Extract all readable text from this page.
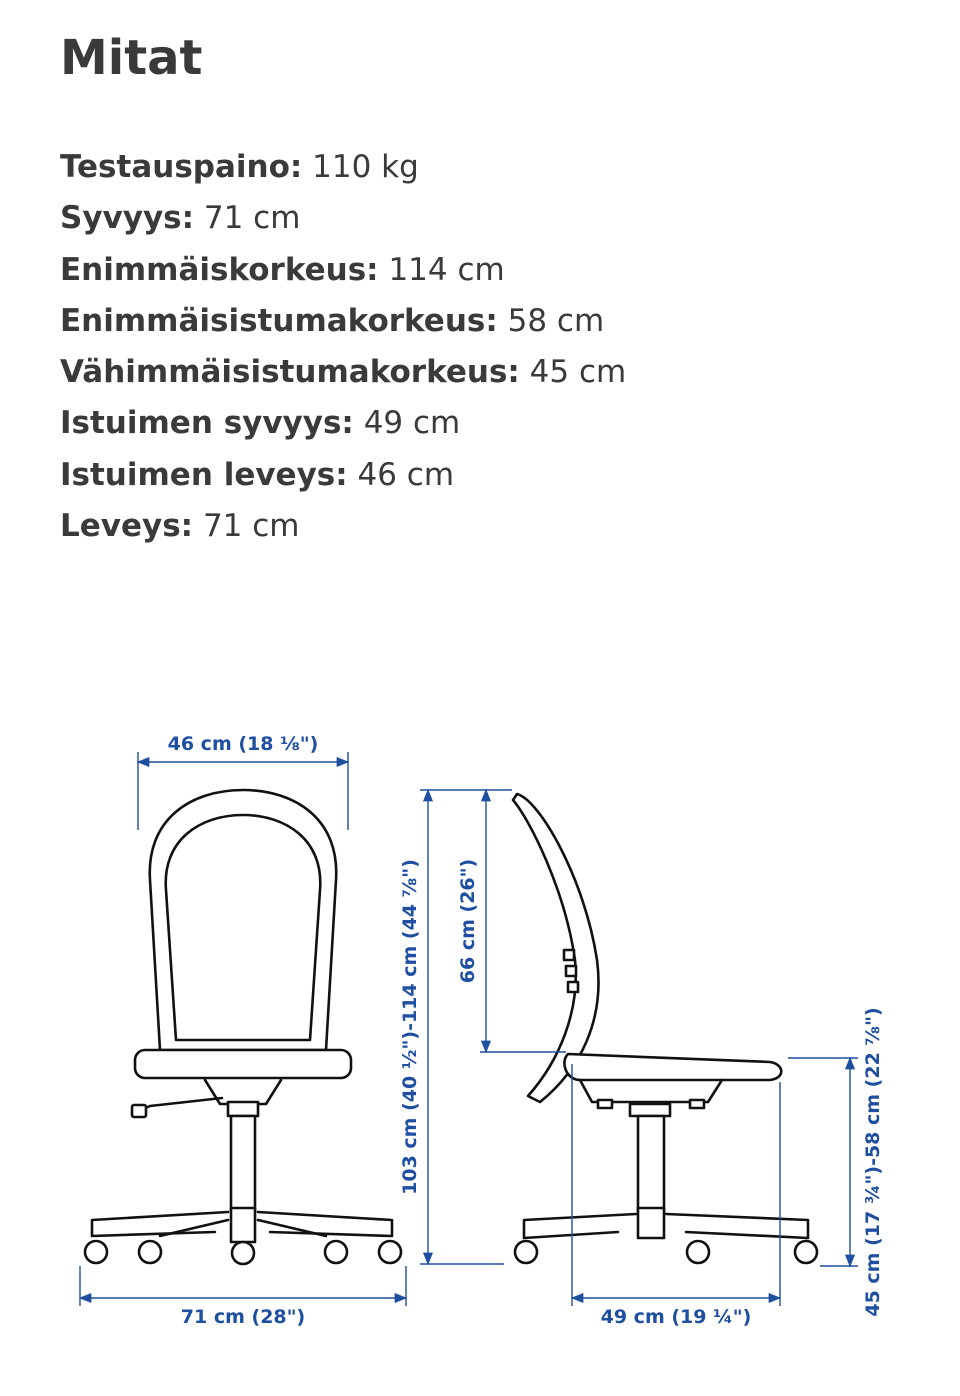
Mitat
Testauspaino: 110 kg
Syvyys: 71 cm
Enimmäiskorkeus: 114 cm
Enimmäisistumakorkeus: 58 cm
Vähimmäisistumakorkeus: 45 cm
Istuimen syvyys: 49 cm
Istuimen leveys: 46 cm
Leveys: 71 cm
46 cm (18 ⅛")
71 cm (28")
103 cm (40 ½")-114 cm (44 ⅞") 66 cm (26")
49 cm (19 ¼")
45 cm (17 ¾")-58 cm (22 ⅞")
